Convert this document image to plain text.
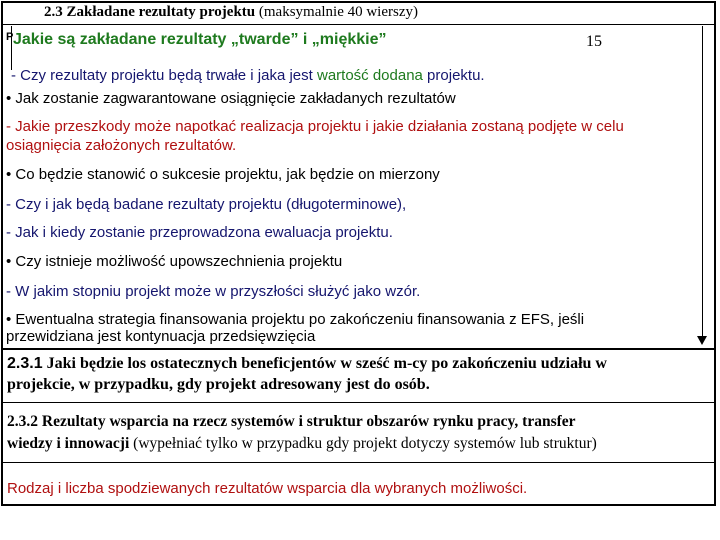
2.3 Zakładane rezultaty projektu (maksymalnie 40 wierszy)
P Jakie są zakładane rezultaty „twarde” i „miękkie”	15
- Czy rezultaty projektu będą trwałe i jaka jest wartość dodana projektu.
• Jak zostanie zagwarantowane osiągnięcie zakładanych rezultatów
- Jakie przeszkody może napotkać realizacja projektu i jakie działania zostaną podjęte w celu
osiągnięcia założonych rezultatów.
• Co będzie stanowić o sukcesie projektu, jak będzie on mierzony
- Czy i jak będą badane rezultaty projektu (długoterminowe),
- Jak i kiedy zostanie przeprowadzona ewaluacja projektu.
• Czy istnieje możliwość upowszechnienia projektu
- W jakim stopniu projekt może w przyszłości służyć jako wzór.
• Ewentualna strategia finansowania projektu po zakończeniu finansowania z EFS, jeśli
przewidziana jest kontynuacja przedsięwzięcia
2.3.1 Jaki będzie los ostatecznych beneficjentów w sześć m-cy po zakończeniu udziału w
projekcie, w przypadku, gdy projekt adresowany jest do osób.
2.3.2 Rezultaty wsparcia na rzecz systemów i struktur obszarów rynku pracy, transfer
wiedzy i innowacji (wypełniać tylko w przypadku gdy projekt dotyczy systemów lub struktur)
Rodzaj i liczba spodziewanych rezultatów wsparcia dla wybranych możliwości.
